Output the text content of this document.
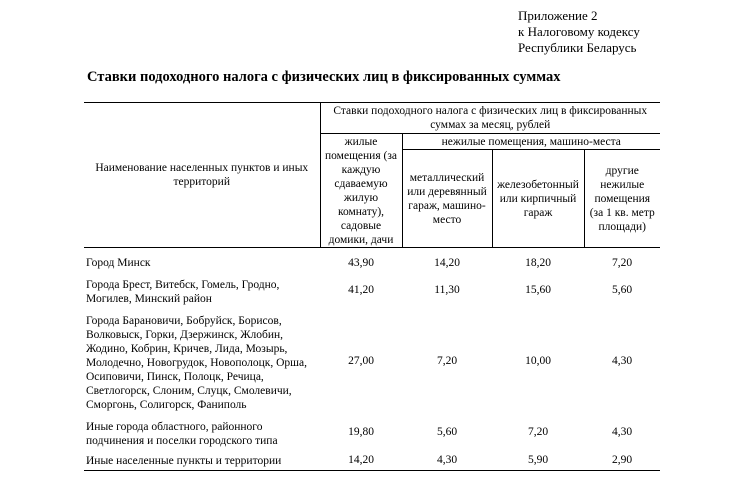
Приложение 2
к Налоговому кодексу
Республики Беларусь
Ставки подоходного налога с физических лиц в фиксированных суммах
Наименование населенных пунктов и иных территорий	Ставки подоходного налога с физических лиц в фиксированных суммах за месяц, рублей			
	жилые помещения (за каждую сдаваемую жилую комнату), садовые домики, дачи	нежилые помещения, машино-места		
		металлический или деревянный гараж, машино-место	железобетонный или кирпичный гараж	другие нежилые помещения (за 1 кв. метр площади)
Город Минск	43,90	14,20	18,20	7,20
Города Брест, Витебск, Гомель, Гродно, Могилев, Минский район	41,20	11,30	15,60	5,60
Города Барановичи, Бобруйск, Борисов, Волковыск, Горки, Дзержинск, Жлобин, Жодино, Кобрин, Кричев, Лида, Мозырь, Молодечно, Новогрудок, Новополоцк, Орша, Осиповичи, Пинск, Полоцк, Речица, Светлогорск, Слоним, Слуцк, Смолевичи, Сморгонь, Солигорск, Фаниполь	27,00	7,20	10,00	4,30
Иные города областного, районного подчинения и поселки городского типа	19,80	5,60	7,20	4,30
Иные населенные пункты и территории	14,20	4,30	5,90	2,90
